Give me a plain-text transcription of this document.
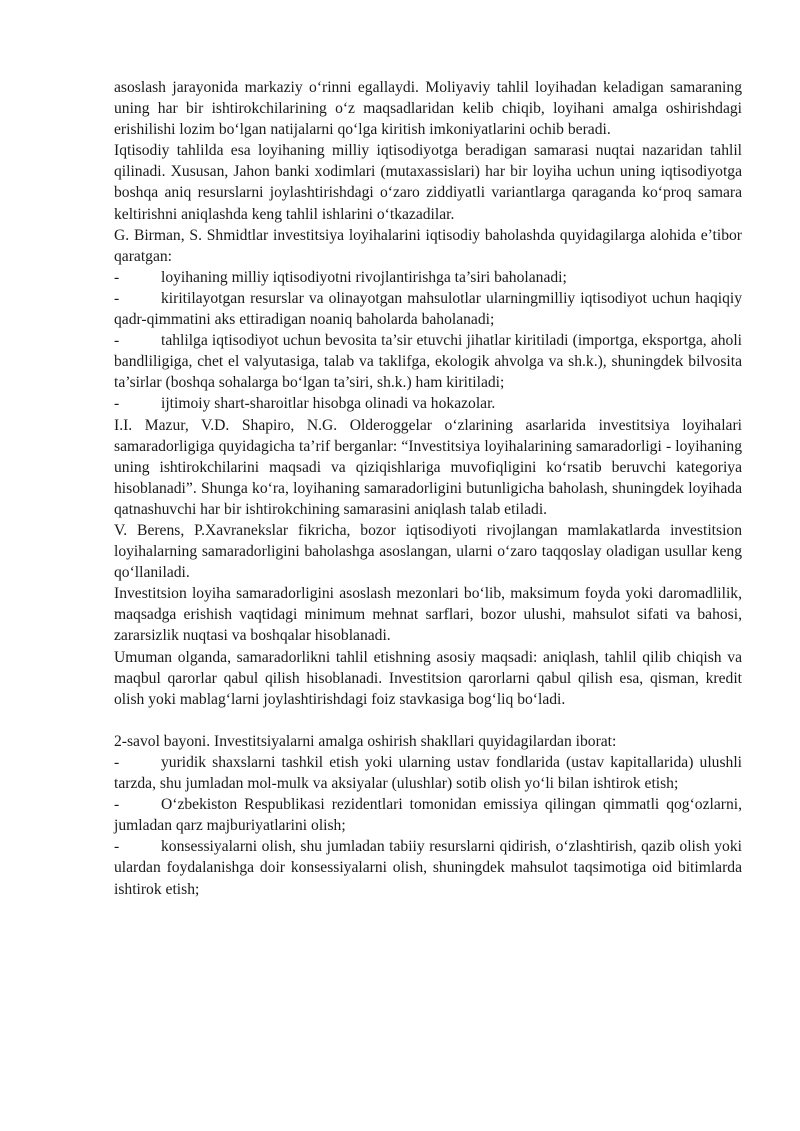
asoslash jarayonida markaziy o‘rinni egallaydi. Moliyaviy tahlil loyihadan keladigan samaraning uning har bir ishtirokchilarining o‘z maqsadlaridan kelib chiqib, loyihani amalga oshirishdagi erishilishi lozim bo‘lgan natijalarni qo‘lga kiritish imkoniyatlarini ochib beradi.

Iqtisodiy tahlilda esa loyihaning milliy iqtisodiyotga beradigan samarasi nuqtai nazaridan tahlil qilinadi. Xususan, Jahon banki xodimlari (mutaxassislari) har bir loyiha uchun uning iqtisodiyotga boshqa aniq resurslarni joylashtirishdagi o‘zaro ziddiyatli variantlarga qaraganda ko‘proq samara keltirishni aniqlashda keng tahlil ishlarini o‘tkazadilar.

G. Birman, S. Shmidtlar investitsiya loyihalarini iqtisodiy baholashda quyidagilarga alohida e’tibor qaratgan:

-	loyihaning milliy iqtisodiyotni rivojlantirishga ta’siri baholanadi;

-	kiritilayotgan resurslar va olinayotgan mahsulotlar ularningmilliy iqtisodiyot uchun haqiqiy qadr-qimmatini aks ettiradigan noaniq baholarda baholanadi;

-	tahlilga iqtisodiyot uchun bevosita ta’sir etuvchi jihatlar kiritiladi (importga, eksportga, aholi bandliligiga, chet el valyutasiga, talab va taklifga, ekologik ahvolga va sh.k.), shuningdek bilvosita ta’sirlar (boshqa sohalarga bo‘lgan ta’siri, sh.k.) ham kiritiladi;

-	ijtimoiy shart-sharoitlar hisobga olinadi va hokazolar.

I.I. Mazur, V.D. Shapiro, N.G. Olderoggelar o‘zlarining asarlarida investitsiya loyihalari samaradorligiga quyidagicha ta’rif berganlar: “Investitsiya loyihalarining samaradorligi - loyihaning uning ishtirokchilarini maqsadi va qiziqishlariga muvofiqligini ko‘rsatib beruvchi kategoriya hisoblanadi”. Shunga ko‘ra, loyihaning samaradorligini butunligicha baholash, shuningdek loyihada qatnashuvchi har bir ishtirokchining samarasini aniqlash talab etiladi.

V. Berens, P.Xavranekslar fikricha, bozor iqtisodiyoti rivojlangan mamlakatlarda investitsion loyihalarning samaradorligini baholashga asoslangan, ularni o‘zaro taqqoslay oladigan usullar keng qo‘llaniladi.

Investitsion loyiha samaradorligini asoslash mezonlari bo‘lib, maksimum foyda yoki daromadlilik, maqsadga erishish vaqtidagi minimum mehnat sarflari, bozor ulushi, mahsulot sifati va bahosi, zararsizlik nuqtasi va boshqalar hisoblanadi.

Umuman olganda, samaradorlikni tahlil etishning asosiy maqsadi: aniqlash, tahlil qilib chiqish va maqbul qarorlar qabul qilish hisoblanadi. Investitsion qarorlarni qabul qilish esa, qisman, kredit olish yoki mablag‘larni joylashtirishdagi foiz stavkasiga bog‘liq bo‘ladi.

2-savol bayoni. Investitsiyalarni amalga oshirish shakllari quyidagilardan iborat:

-	yuridik shaxslarni tashkil etish yoki ularning ustav fondlarida (ustav kapitallarida) ulushli tarzda, shu jumladan mol-mulk va aksiyalar (ulushlar) sotib olish yo‘li bilan ishtirok etish;

-	O‘zbekiston Respublikasi rezidentlari tomonidan emissiya qilingan qimmatli qog‘ozlarni, jumladan qarz majburiyatlarini olish;

-	konsessiyalarni olish, shu jumladan tabiiy resurslarni qidirish, o‘zlashtirish, qazib olish yoki ulardan foydalanishga doir konsessiyalarni olish, shuningdek mahsulot taqsimotiga oid bitimlarda ishtirok etish;
